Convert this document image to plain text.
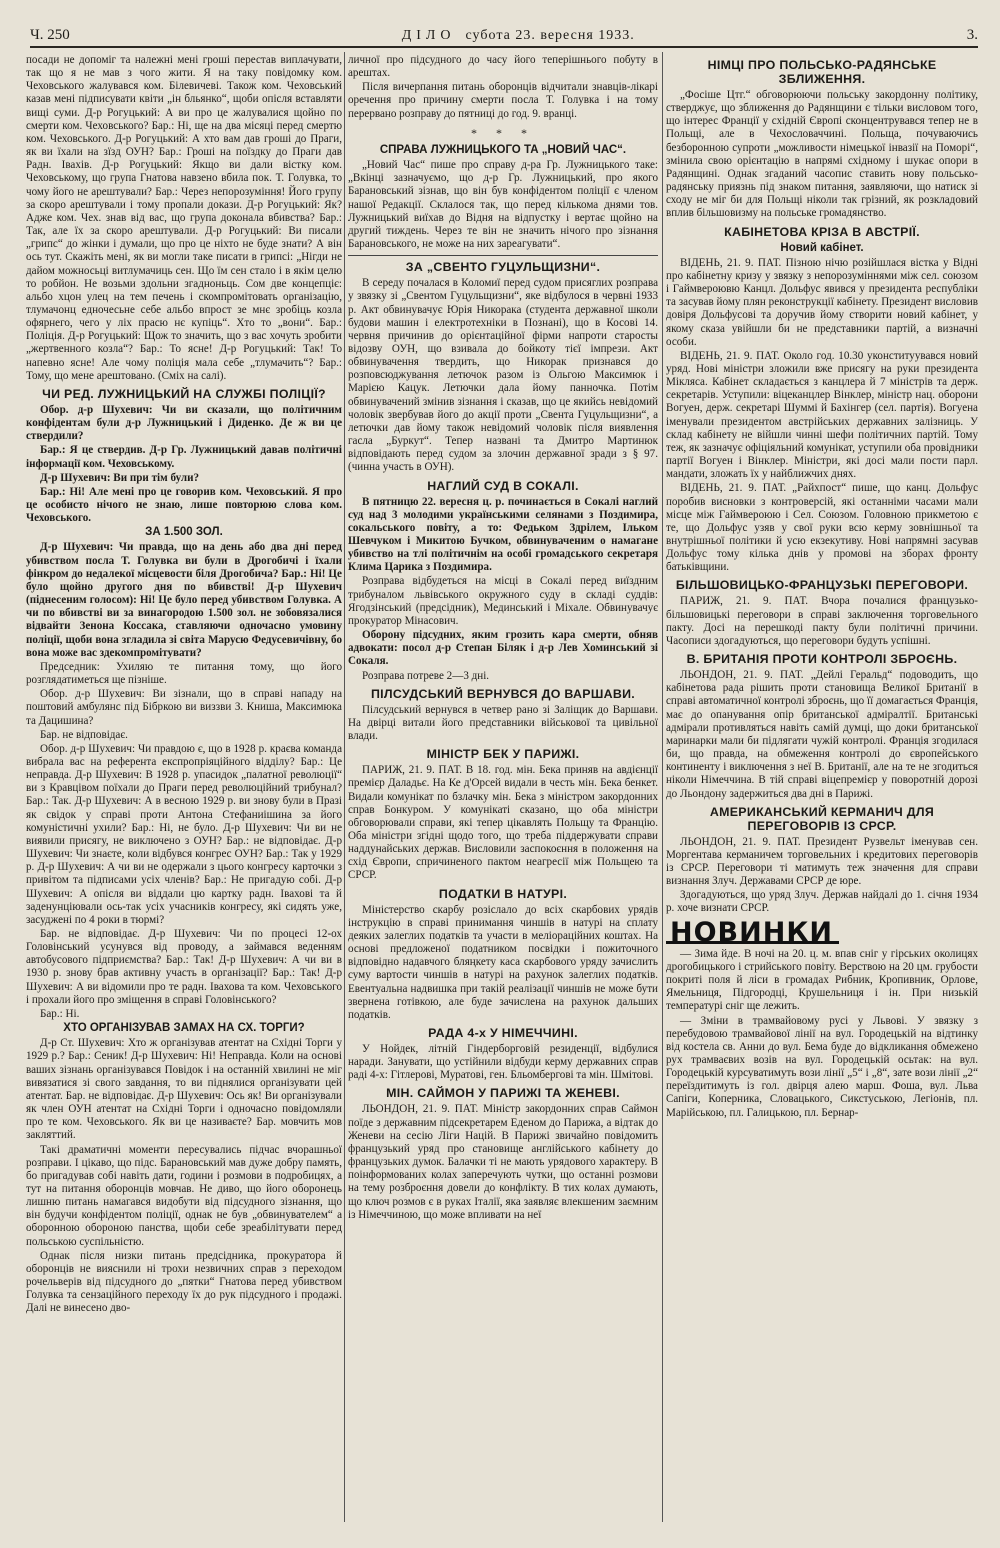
Ч. 250	ДІЛО субота 23. вересня 1933.	3.

посади не допоміг та належні мені гроші перестав виплачувати, так що я не мав з чого жити. Я на таку повідомку ком. Чеховського жалувався ком. Білевичеві. Також ком. Чеховський казав мені підписувати квіти „ін бльянко“, щоби опісля вставляти вищі суми. Д-р Рогуцький: А ви про це жалувалися щойно по смерти ком. Чеховського? Бар.: Ні, ще на два місяці перед смертю ком. Чеховського. Д-р Рогуцький: А хто вам дав гроші до Праги, як ви їхали на зїзд ОУН? Бар.: Гроші на поїздку до Праги дав Радн. Івахів. Д-р Рогуцький: Якщо ви дали вістку ком. Чеховському, що група Гнатова навзено вбила пок. Т. Голувка, то чому його не арештували? Бар.: Через непорозуміння! Його групу за скоро арештували і тому пропали докази. Д-р Рогуцький: Як? Адже ком. Чех. знав від вас, що група доконала вбивства? Бар.: Так, але їх за скоро арештували. Д-р Рогуцький: Ви писали „грипс“ до жінки і думали, що про це ніхто не буде знати? А він ось тут. Скажіть мені, як ви могли таке писати в грипсі: „Нігди не дайом можносьці витлумачиць сен. Що їм сен стало і в якім целю то робйон. Не возьми здольни згадноньць. Сом две концепціє: альбо хцон улец на тем печень і скомпромітовать організацію, тлумачонц едночесьне себе альбо впрост зе мнє зробіць козла офярнего, чего у ліх прасю нє купіць“. Хто то „вони“. Бар.: Поліція. Д-р Рогуцький: Щож то значить, що з вас хочуть зробити „жертвенного козла“? Бар.: То ясне! Д-р Рогуцький: Так! То напевно ясне! Але чому поліція мала себе „тлумачить“? Бар.: Тому, що мене арештовано. (Сміх на салі).

ЧИ РЕД. ЛУЖНИЦЬКИЙ НА СЛУЖБІ ПОЛІЦІЇ?

Обор. д-р Шухевич: Чи ви сказали, що політичним конфідентам були д-р Лужницький і Диденко. Де ж ви це ствердили?

Бар.: Я це ствердив. Д-р Гр. Лужницький давав політичні інформації ком. Чеховському.

Д-р Шухевич: Ви при тім були?

Бар.: Ні! Але мені про це говорив ком. Чеховський. Я про це особисто нічого не знаю, лише повторюю слова ком. Чеховського.

ЗА 1.500 ЗОЛ.

Д-р Шухевич: Чи правда, що на день або два дні перед убивством посла Т. Голувка ви були в Дрогобичі і їхали фінкром до недалекої місцевости біля Дрогобича? Бар.: Ні! Це було щойно другого дня по вбивстві! Д-р Шухевич (піднесеним голосом): Ні! Це було перед убивством Голувка. А чи по вбивстві ви за винагородою 1.500 зол. не зобовязалися відвайти Зенона Коссака, ставляючи одночасно умовину поліції, щоби вона згладила зі світа Марусю Федусевичівну, бо вона може вас здекомпромітувати?

Председник: Ухиляю те питання тому, що його розглядатиметься ще пізніше.

Обор. д-р Шухевич: Ви зізнали, що в справі нападу на поштовий амбулянс під Бібркою ви виззви З. Книша, Максимюка та Дацишина?

Бар. не відповідає.

Обор. д-р Шухевич: Чи правдою є, що в 1928 р. краєва команда вибрала вас на референта експропріяційного відділу? Бар.: Це неправда. Д-р Шухевич: В 1928 р. упасидок „палатної революції“ ви з Кравцівом поїхали до Праги перед революційний трибунал? Бар.: Так. Д-р Шухевич: А в весною 1929 р. ви знову були в Празі як свідок у справі проти Антона Стефаниішина за його комуністичні ухили? Бар.: Ні, не було. Д-р Шухевич: Чи ви не виявили присягу, не виключено з ОУН? Бар.: не відповідає. Д-р Шухевич: Чи знаєте, коли відбувся конгрес ОУН? Бар.: Так у 1929 р. Д-р Шухевич: А чи ви не одержали з цього конгресу карточки з привітом та підписами усіх членів? Бар.: Не пригадую собі. Д-р Шухевич: А опісля ви віддали цю картку радн. Івахові та й заденунціювали ось-так усіх учасників конгресу, які сидять уже, засуджені по 4 роки в тюрмі?

Бар. не відповідає. Д-р Шухевич: Чи по процесі 12-ох Головінський усунувся від проводу, а займався веденням автобусового підприємства? Бар.: Так! Д-р Шухевич: А чи ви в 1930 р. знову брав активну участь в організації? Бар.: Так! Д-р Шухевич: А ви відомили про те радн. Івахова та ком. Чеховського і прохали його про зміщення в справі Головінського?

Бар.: Ні.

ХТО ОРГАНІЗУВАВ ЗАМАХ НА СХ. ТОРГИ?

Д-р Ст. Шухевич: Хто ж організував атентат на Східні Торги у 1929 р.? Бар.: Сеник! Д-р Шухевич: Ні! Неправда. Коли на основі ваших зізнань організувався Повідок і на останній хвилині не міг вивязатися зі свого завдання, то ви піднялися організувати цей атентат. Бар. не відповідає. Д-р Шухевич: Ось як! Ви організували як член ОУН атентат на Східні Торги і одночасно повідомляли про те ком. Чеховського. Як ви це називаєте? Бар. мовчить мов закляттий.

Такі драматичні моменти пересувались підчас вчорашньої розправи. І цікаво, що підс. Барановський мав дуже добру память, бо пригадував собі навіть дати, години і розмови в подробицях, а тут на питання оборонців мовчав. Не диво, що його оборонець лишню питань намагався видобути від підсудного зізнання, що він будучи конфідентом поліції, однак не був „обвинувателем“ а оборонною обороною панства, щоби себе зреабілітувати перед польською суспільністю.

Однак після низки питань предсідника, прокуратора й оборонців не вияснили ні трохи незвичних справ з переходом рочельверів від підсудного до „пятки“ Гнатова перед убивством Голувка та сензаційного переходу їх до рук підсудного і продажі. Далі не винесено дво-

личної про підсудного до часу його теперішнього побуту в арештах.

Після вичерпання питань оборонців відчитали знавців-лікарі оречення про причину смерти посла Т. Голувка і на тому перервано розправу до пятниці до год. 9. вранці.

* * *
СПРАВА ЛУЖНИЦЬКОГО ТА „НОВИЙ ЧАС“.

„Новий Час“ пише про справу д-ра Гр. Лужницького таке: „Вкінці зазначуємо, що д-р Гр. Лужницький, про якого Барановський зізнав, що він був конфідентом поліції є членом нашої Редакції. Склалося так, що перед кількома днями тов. Лужницький виїхав до Відня на відпустку і вертає щойно на другий тиждень. Через те він не значить нічого про зізнання Барановського, не може на них зареагувати“.

ЗА „СВЕНТО ГУЦУЛЬЩИЗНИ“.

В середу почалася в Коломиї перед судом присяглих розправа у звязку зі „Свентом Гуцульщизни“, яке відбулося в червні 1933 р. Акт обвинувачує Юрія Никорака (студента державної школи будови машин і електротехніки в Познані), що в Косові 14. червня причинив до орієнтаційної фірми напроти старосты відозву ОУН, що взивала до бойкоту тієї імпрези. Акт обвинувачення твердить, що Никорак признався до розповсюджування летючок разом із Ольгою Максимюк і Марією Кацук. Летючки дала йому панночка. Потім обвинувачений змінив зізнання і сказав, що це якийсь невідомий чоловік звербував його до акції проти „Свента Гуцульщизни“, а летючки дав йому також невідомий чоловік після виявлення гасла „Буркут“. Тепер названі та Дмитро Мартинюк відповідають перед судом за злочин державної зради з § 97. (чинна участь в ОУН).

НАГЛИЙ СУД В СОКАЛІ.

В пятницю 22. вересня ц. р. починається в Сокалі наглий суд над 3 молодими українськими селянами з Поздимира, сокальського повіту, а то: Федьком Здрілем, Ільком Шевчуком і Микитою Бучком, обвинуваченим о намагане убивство на тлі політичнім на особі громадського секретаря Клима Царика з Поздимира.

Розправа відбудеться на місці в Сокалі перед виїздним трибуналом львівського окружного суду в складі суддів: Ягодзінський (предсідник), Мединський і Міхале. Обвинувачує прокуратор Мінасович.

Оборону підсудних, яким грозить кара смерти, обняв адвокати: посол д-р Степан Біляк і д-р Лев Хоминський зі Сокаля.

Розправа потреве 2—3 дні.

ПІЛСУДСЬКИЙ ВЕРНУВСЯ ДО ВАРШАВИ.

Пілсудський вернувся в четвер рано зі Заліщик до Варшави. На двірці витали його представники військової та цивільної влади.

МІНІСТР БЕК У ПАРИЖІ.

ПАРИЖ, 21. 9. ПАТ. В 18. год. мін. Бека приняв на авдієнції премієр Даладьє. На Ке д'Орсей видали в честь мін. Бека бенкет. Видали комунікат по бзлачку мін. Бека з міністром закордонних справ Бонкуром. У комунікаті сказано, що оба міністри обговорювали справи, які тепер цікавлять Польщу та Францію. Оба міністри згідні щодо того, що треба піддержувати справи наддунайських держав. Висловили заспокоєння в положення на схід Європи, спричиненого пактом неагресії між Польщею та СРСР.

ПОДАТКИ В НАТУРІ.

Міністерство скарбу розіслало до всіх скарбових урядів інструкцію в справі принимання чиншів в натурі на сплату деяких залеглих податків та участи в меліораційних коштах. На основі предложеної податником посвідки і пожиточного відповідно надавчого бляңкету каса скарбового уряду зачислить суму вартости чиншів в натурі на рахунок залеглих податків. Евентуальна надвишка при такій реалізації чиншів не може бути звернена готівкою, але буде зачислена на рахунок дальших податків.

РАДА 4-х У НІМЕЧЧИНІ.

У Нойдек, літній Гіндерборговій резиденції, відбулися наради. Занувати, що устійнили відбуди керму державних справ раді 4-х: Гітлерові, Муратові, ген. Бльомбергові та мін. Шмітові.

МІН. САЙМОН У ПАРИЖІ ТА ЖЕНЕВІ.

ЛЬОНДОН, 21. 9. ПАТ. Міністр закордонних справ Саймон поїде з державним підсекретарем Еденом до Парижа, а відтак до Женеви на сесію Ліги Націй. В Парижі звичайно повідомить французький уряд про становище англійського кабінету до французьких думок. Балачки ті не мають урядового характеру. В поінформованих колах заперечують чутки, що останні розмови на тему розброєння довели до конфлікту. В тих колах думають, що ключ розмов є в руках Італії, яка заявляє влекшеним заємним із Німеччиною, що може впливати на неї

НІМЦІ ПРО ПОЛЬСЬКО-РАДЯНСЬКЕ ЗБЛИЖЕННЯ.

„Фосіше Цтг.“ обговорюючи польську закордонну політику, стверджує, що зближення до Радянщини є тільки висловом того, що інтерес Франції у східній Європі сконцентрувався тепер не в Польщі, але в Чехословаччині. Польща, почуваючись безборонною супроти „можливости німецької інвазії на Поморі“, змінила свою орієнтацію в напрямі східному і шукає опори в Радянщині. Однак згаданий часопис ставить нову польсько-радянську приязнь під знаком питання, заявляючи, що натиск зі сходу не міг би для Польщі ніколи так грізний, як розкладовий вплив більшовизму на польське громадянство.

КАБІНЕТОВА КРІЗА В АВСТРІЇ.
Новий кабінет.

ВІДЕНЬ, 21. 9. ПАТ. Пізною нічю розійшлася вістка у Відні про кабінетну кризу у звязку з непорозуміннями між сел. союзом і Гаймвероювю Канцл. Дольфус явився у президента республіки та засував йому плян реконструкції кабінету. Президент висловив довіря Дольфусові та доручив йому створити новий кабінет, у якому сказа увійшли би не представники партій, а визначні особи.

ВІДЕНЬ, 21. 9. ПАТ. Около год. 10.30 уконституувався новий уряд. Нові міністри зложили вже присягу на руки президента Мікляса. Кабінет складається з канцлера й 7 міністрів та держ. секретарів. Уступили: віцеканцлер Вінклер, міністр нац. оборони Вогуен, держ. секретарі Шуммі й Бахінгер (сел. партія). Вогуена іменували президентом австрійських державних залізниць. У склад кабінету не війшли чинні шефи політичних партій. Тому теж, як зазначує офіціяльний комунікат, уступили оба провідники партії Вогуен і Вінклер. Міністри, які досі мали пости парл. мандати, зложать їх у найближчих днях.

ВІДЕНЬ, 21. 9. ПАТ. „Райхпост“ пише, що канц. Дольфус поробив висновки з контроверсій, які останніми часами мали місце між Гаймвероюю і Сел. Союзом. Головною прикметою є те, що Дольфус узяв у свої руки всю керму зовнішньої та внутрішньої політики й усю екзекутиву. Нові напрямні засував Дольфус тому кілька днів у промові на зборах фронту батьківщини.

БІЛЬШОВИЦЬКО-ФРАНЦУЗЬКІ ПЕРЕГОВОРИ.

ПАРИЖ, 21. 9. ПАТ. Вчора почалися французько-більшовицькі переговори в справі заключення торговельного пакту. Досі на перешкоді пакту були політичні причини. Часописи здогадуються, що переговори будуть успішні.

В. БРИТАНІЯ ПРОТИ КОНТРОЛІ ЗБРОЄНЬ.

ЛЬОНДОН, 21. 9. ПАТ. „Дейлі Геральд“ подоводить, що кабінетова рада рішить проти становища Великої Британії в справі автоматичної контролі зброєнь, що її домагається Франція, має до опанування опір британської адміралтії. Британські адмірали противляться навіть самій думці, що доки британської маринарки мали би підлягати чужій контролі. Франція згодилася би, що правда, на обмеження контролі до європейського континенту і виключення з неї В. Британії, але на те не згодиться ніколи Німеччина. В тій справі віцепремієр у поворотній дорозі до Льондону задержиться два дні в Парижі.

АМЕРИКАНСЬКИЙ КЕРМАНИЧ ДЛЯ ПЕРЕГОВОРІВ ІЗ СРСР.

ЛЬОНДОН, 21. 9. ПАТ. Президент Рузвельт іменував сен. Моргентава керманичем торговельних і кредитових переговорів із СРСР. Переговори ті матимуть теж значення для справи визнання Злуч. Державами СРСР де юре.

Здогадуються, що уряд Злуч. Держав найдалі до 1. січня 1934 р. хоче визнати СРСР.

НОВИНКИ

— Зима йде. В ночі на 20. ц. м. впав сніг у гірських околицях дрогобицького і стрийського повіту. Верствою на 20 цм. грубости покриті поля й ліси в громадах Рибник, Кропивник, Орлове, Ямельниця, Підгородці, Крушельниця і ін. При низькій температурі сніг ще лежить.

— Зміни в трамвайовому русі у Львові. У звязку з перебудовою трамвайової лінії на вул. Городецькій на відтинку від костела св. Анни до вул. Бема буде до відкликання обмежено рух трамваєвих возів на вул. Городецькій осьтак: на вул. Городецькій курсуватимуть вози лінії „5“ і „8“, зате вози лінії „2“ переїздитимуть із гол. двірця алею марш. Фоша, вул. Льва Сапіги, Коперника, Словацького, Сикстуською, Легіонів, пл. Марійською, пл. Галицькою, пл. Бернар-
